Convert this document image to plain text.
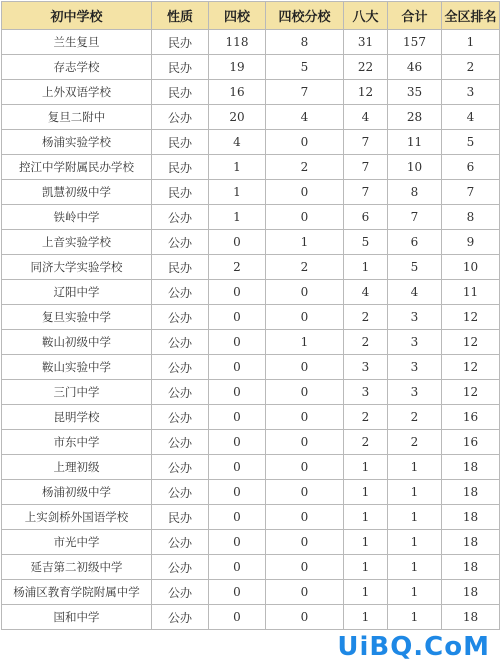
初中学校	性质	四校	四校分校	八大	合计	全区排名
兰生复旦	民办	118	8	31	157	1
存志学校	民办	19	5	22	46	2
上外双语学校	民办	16	7	12	35	3
复旦二附中	公办	20	4	4	28	4
杨浦实验学校	民办	4	0	7	11	5
控江中学附属民办学校	民办	1	2	7	10	6
凯慧初级中学	民办	1	0	7	8	7
铁岭中学	公办	1	0	6	7	8
上音实验学校	公办	0	1	5	6	9
同济大学实验学校	民办	2	2	1	5	10
辽阳中学	公办	0	0	4	4	11
复旦实验中学	公办	0	0	2	3	12
鞍山初级中学	公办	0	1	2	3	12
鞍山实验中学	公办	0	0	3	3	12
三门中学	公办	0	0	3	3	12
昆明学校	公办	0	0	2	2	16
市东中学	公办	0	0	2	2	16
上理初级	公办	0	0	1	1	18
杨浦初级中学	公办	0	0	1	1	18
上实剑桥外国语学校	民办	0	0	1	1	18
市光中学	公办	0	0	1	1	18
延吉第二初级中学	公办	0	0	1	1	18
杨浦区教育学院附属中学	公办	0	0	1	1	18
国和中学	公办	0	0	1	1	18
UiBQ.CoM
